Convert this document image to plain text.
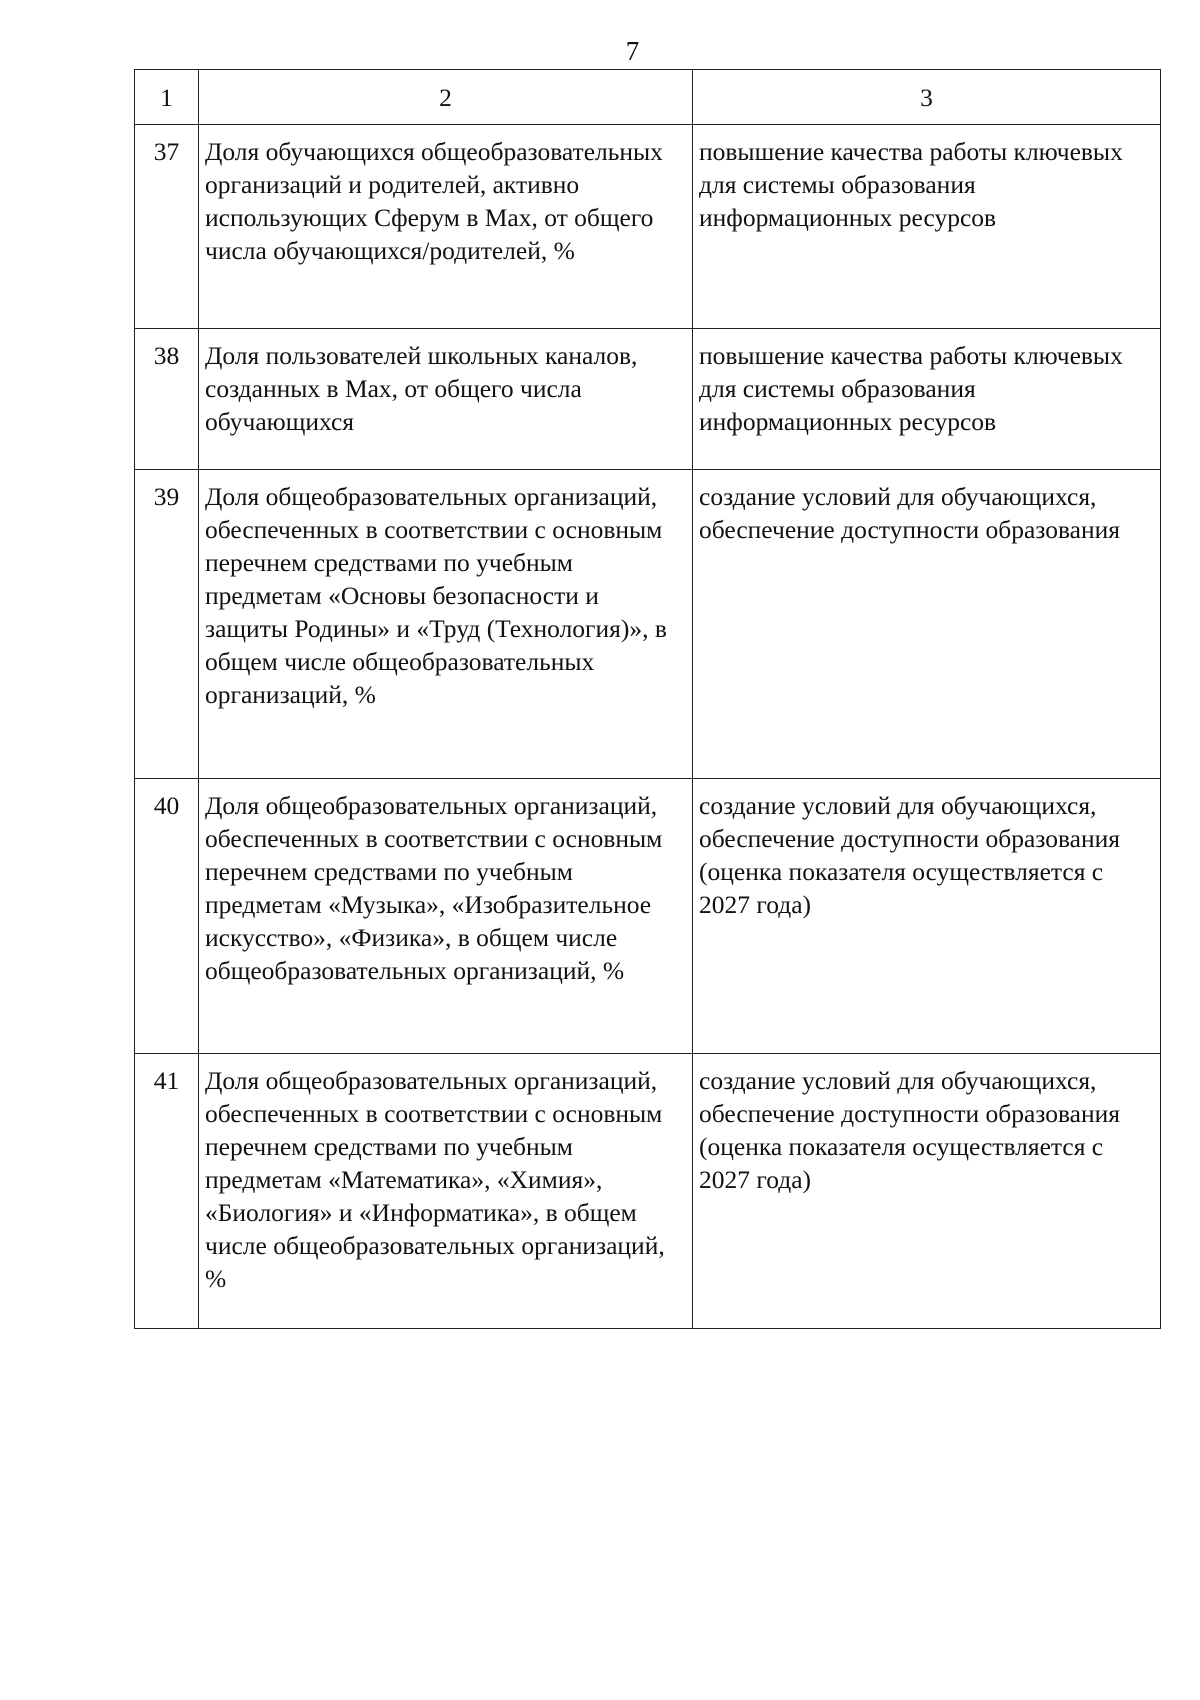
7
1	2	3
37	Доля обучающихся общеобразовательных организаций и родителей, активно использующих Сферум в Max, от общего числа обучающихся/родителей, %	повышение качества работы ключевых для системы образования информационных ресурсов
38	Доля пользователей школьных каналов, созданных в Max, от общего числа обучающихся	повышение качества работы ключевых для системы образования информационных ресурсов
39	Доля общеобразовательных организаций, обеспеченных в соответствии с основным перечнем средствами по учебным предметам «Основы безопасности и защиты Родины» и «Труд (Технология)», в общем числе общеобразовательных организаций, %	создание условий для обучающихся, обеспечение доступности образования
40	Доля общеобразовательных организаций, обеспеченных в соответствии с основным перечнем средствами по учебным предметам «Музыка», «Изобразительное искусство», «Физика», в общем числе общеобразовательных организаций, %	создание условий для обучающихся, обеспечение доступности образования (оценка показателя осуществляется с 2027 года)
41	Доля общеобразовательных организаций, обеспеченных в соответствии с основным перечнем средствами по учебным предметам «Математика», «Химия», «Биология» и «Информатика», в общем числе общеобразовательных организаций, %	создание условий для обучающихся, обеспечение доступности образования (оценка показателя осуществляется с 2027 года)
